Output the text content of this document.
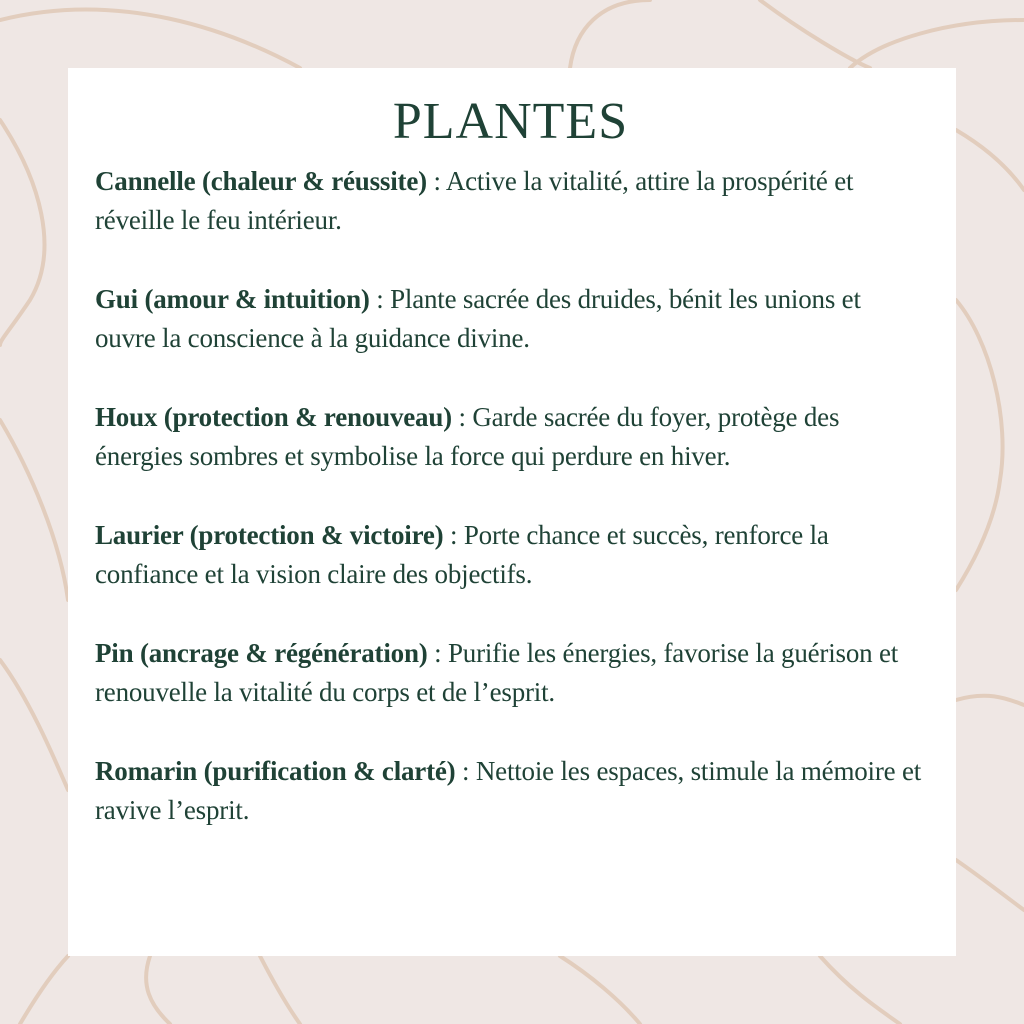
PLANTES

Cannelle (chaleur & réussite) : Active la vitalité, attire la prospérité et réveille le feu intérieur.

Gui (amour & intuition) : Plante sacrée des druides, bénit les unions et ouvre la conscience à la guidance divine.

Houx (protection & renouveau) : Garde sacrée du foyer, protège des énergies sombres et symbolise la force qui perdure en hiver.

Laurier (protection & victoire) : Porte chance et succès, renforce la confiance et la vision claire des objectifs.

Pin (ancrage & régénération) : Purifie les énergies, favorise la guérison et renouvelle la vitalité du corps et de l’esprit.

Romarin (purification & clarté) : Nettoie les espaces, stimule la mémoire et ravive l’esprit.
